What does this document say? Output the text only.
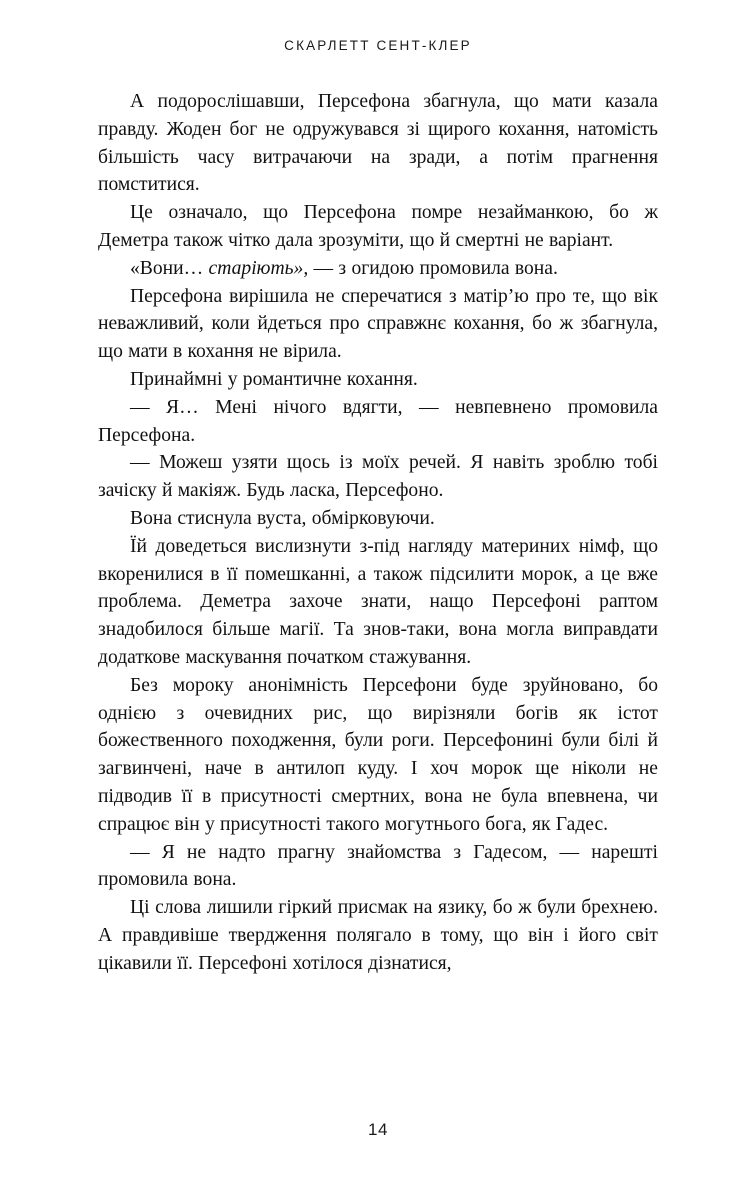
СКАРЛЕТТ СЕНТ-КЛЕР

А подорослішавши, Персефона збагнула, що мати казала правду. Жоден бог не одружувався зі щирого кохання, натомість більшість часу витрачаючи на зради, а потім прагнення помститися.

Це означало, що Персефона помре незайманкою, бо ж Деметра також чітко дала зрозуміти, що й смертні не варіант.

«Вони… старіють», — з огидою промовила вона.

Персефона вирішила не сперечатися з матір’ю про те, що вік неважливий, коли йдеться про справжнє кохання, бо ж збагнула, що мати в кохання не вірила.

Принаймні у романтичне кохання.

— Я… Мені нічого вдягти, — невпевнено промовила Персефона.

— Можеш узяти щось із моїх речей. Я навіть зроблю тобі зачіску й макіяж. Будь ласка, Персефоно.

Вона стиснула вуста, обмірковуючи.

Їй доведеться вислизнути з-під нагляду материних німф, що вкоренилися в її помешканні, а також підсилити морок, а це вже проблема. Деметра захоче знати, нащо Персефоні раптом знадобилося більше магії. Та знов-таки, вона могла виправдати додаткове маскування початком стажування.

Без мороку анонімність Персефони буде зруйновано, бо однією з очевидних рис, що вирізняли богів як істот божественного походження, були роги. Персефонині були білі й загвинчені, наче в антилоп куду. І хоч морок ще ніколи не підводив її в присутності смертних, вона не була впевнена, чи спрацює він у присутності такого могутнього бога, як Гадес.

— Я не надто прагну знайомства з Гадесом, — нарешті промовила вона.

Ці слова лишили гіркий присмак на язику, бо ж були брехнею. А правдивіше твердження полягало в тому, що він і його світ цікавили її. Персефоні хотілося дізнатися,

14
